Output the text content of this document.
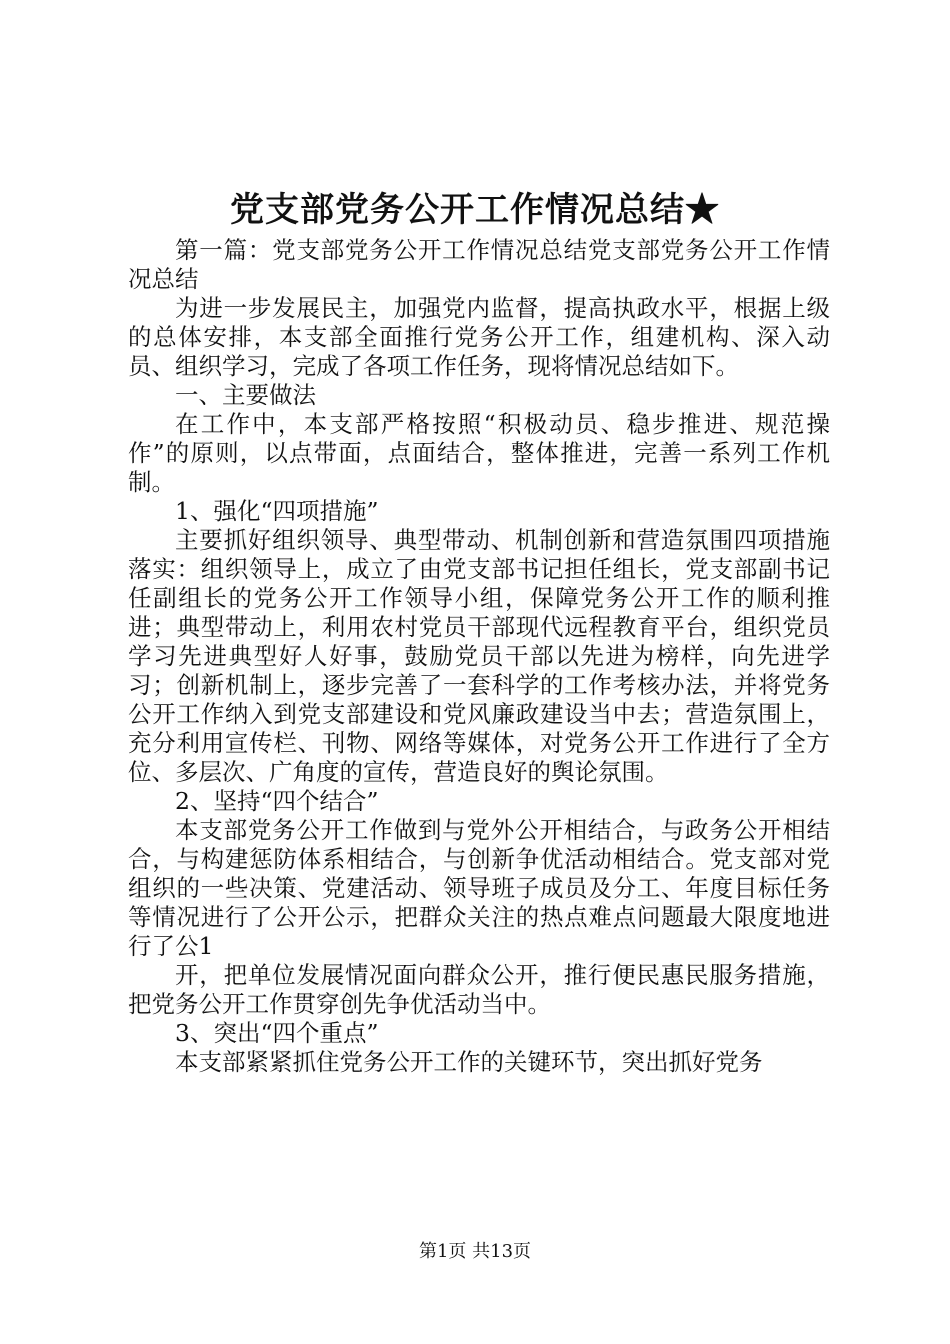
党支部党务公开工作情况总结★

第一篇：党支部党务公开工作情况总结党支部党务公开工作情况总结

为进一步发展民主，加强党内监督，提高执政水平，根据上级的总体安排，本支部全面推行党务公开工作，组建机构、深入动员、组织学习，完成了各项工作任务，现将情况总结如下。

一、主要做法

在工作中，本支部严格按照“积极动员、稳步推进、规范操作”的原则，以点带面，点面结合，整体推进，完善一系列工作机制。

1、强化“四项措施”

主要抓好组织领导、典型带动、机制创新和营造氛围四项措施落实：组织领导上，成立了由党支部书记担任组长，党支部副书记任副组长的党务公开工作领导小组，保障党务公开工作的顺利推进；典型带动上，利用农村党员干部现代远程教育平台，组织党员学习先进典型好人好事，鼓励党员干部以先进为榜样，向先进学习；创新机制上，逐步完善了一套科学的工作考核办法，并将党务公开工作纳入到党支部建设和党风廉政建设当中去；营造氛围上，充分利用宣传栏、刊物、网络等媒体，对党务公开工作进行了全方位、多层次、广角度的宣传，营造良好的舆论氛围。

2、坚持“四个结合”

本支部党务公开工作做到与党外公开相结合，与政务公开相结合，与构建惩防体系相结合，与创新争优活动相结合。党支部对党组织的一些决策、党建活动、领导班子成员及分工、年度目标任务等情况进行了公开公示，把群众关注的热点难点问题最大限度地进行了公1

开，把单位发展情况面向群众公开，推行便民惠民服务措施，把党务公开工作贯穿创先争优活动当中。

3、突出“四个重点”

本支部紧紧抓住党务公开工作的关键环节，突出抓好党务

第1页 共13页
